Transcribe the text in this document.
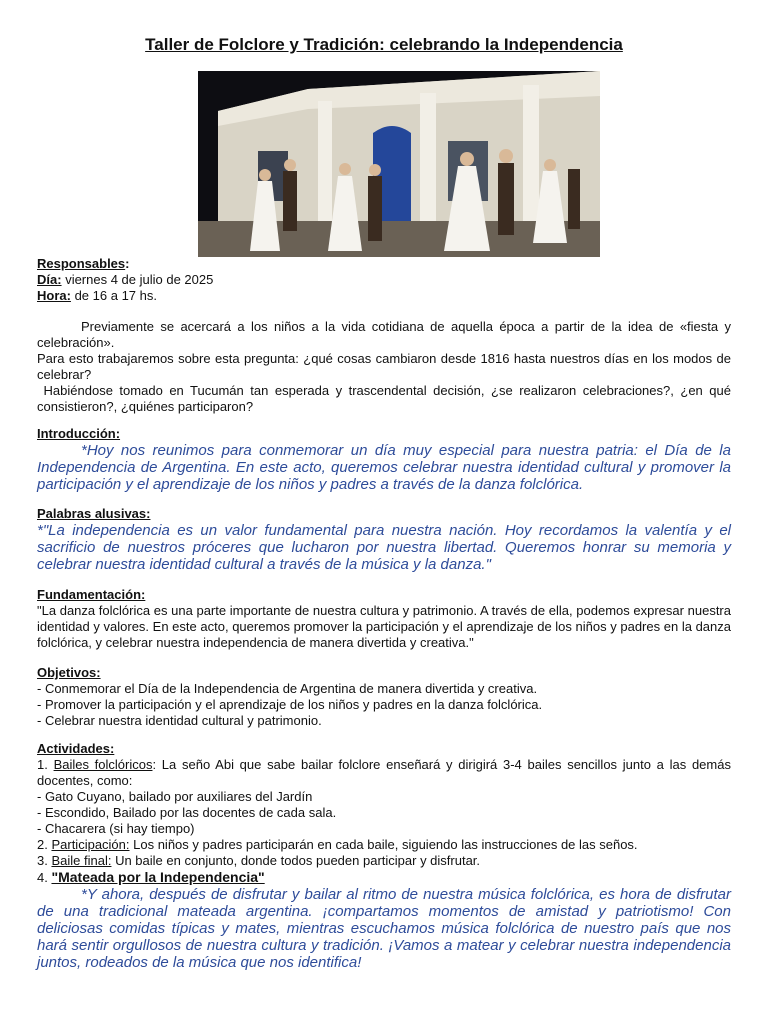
Taller de Folclore y Tradición: celebrando la Independencia

Responsables:

Día: viernes 4 de julio de 2025

Hora: de 16 a 17 hs.

Previamente se acercará a los niños a la vida cotidiana de aquella época a partir de la idea de «fiesta y celebración».

Para esto trabajaremos sobre esta pregunta: ¿qué cosas cambiaron desde 1816 hasta nuestros días en los modos de celebrar?

Habiéndose tomado en Tucumán tan esperada y trascendental decisión, ¿se realizaron celebraciones?, ¿en qué consistieron?, ¿quiénes participaron?

Introducción:

*Hoy nos reunimos para conmemorar un día muy especial para nuestra patria: el Día de la Independencia de Argentina. En este acto, queremos celebrar nuestra identidad cultural y promover la participación y el aprendizaje de los niños y padres a través de la danza folclórica.

Palabras alusivas:

*"La independencia es un valor fundamental para nuestra nación. Hoy recordamos la valentía y el sacrificio de nuestros próceres que lucharon por nuestra libertad. Queremos honrar su memoria y celebrar nuestra identidad cultural a través de la música y la danza."

Fundamentación:

"La danza folclórica es una parte importante de nuestra cultura y patrimonio. A través de ella, podemos expresar nuestra identidad y valores. En este acto, queremos promover la participación y el aprendizaje de los niños y padres en la danza folclórica, y celebrar nuestra independencia de manera divertida y creativa."

Objetivos:

- Conmemorar el Día de la Independencia de Argentina de manera divertida y creativa.

- Promover la participación y el aprendizaje de los niños y padres en la danza folclórica.

- Celebrar nuestra identidad cultural y patrimonio.

Actividades:

1. Bailes folclóricos: La seño Abi que sabe bailar folclore enseñará y dirigirá 3-4 bailes sencillos junto a las demás docentes, como:

- Gato Cuyano, bailado por auxiliares del Jardín

- Escondido, Bailado por las docentes de cada sala.

- Chacarera (si hay tiempo)

2. Participación: Los niños y padres participarán en cada baile, siguiendo las instrucciones de las seños.

3. Baile final: Un baile en conjunto, donde todos pueden participar y disfrutar.

4. "Mateada por la Independencia"

*Y ahora, después de disfrutar y bailar al ritmo de nuestra música folclórica, es hora de disfrutar de una tradicional mateada argentina. ¡compartamos momentos de amistad y patriotismo! Con deliciosas comidas típicas y mates, mientras escuchamos música folclórica de nuestro país que nos hará sentir orgullosos de nuestra cultura y tradición. ¡Vamos a matear y celebrar nuestra independencia juntos, rodeados de la música que nos identifica!
